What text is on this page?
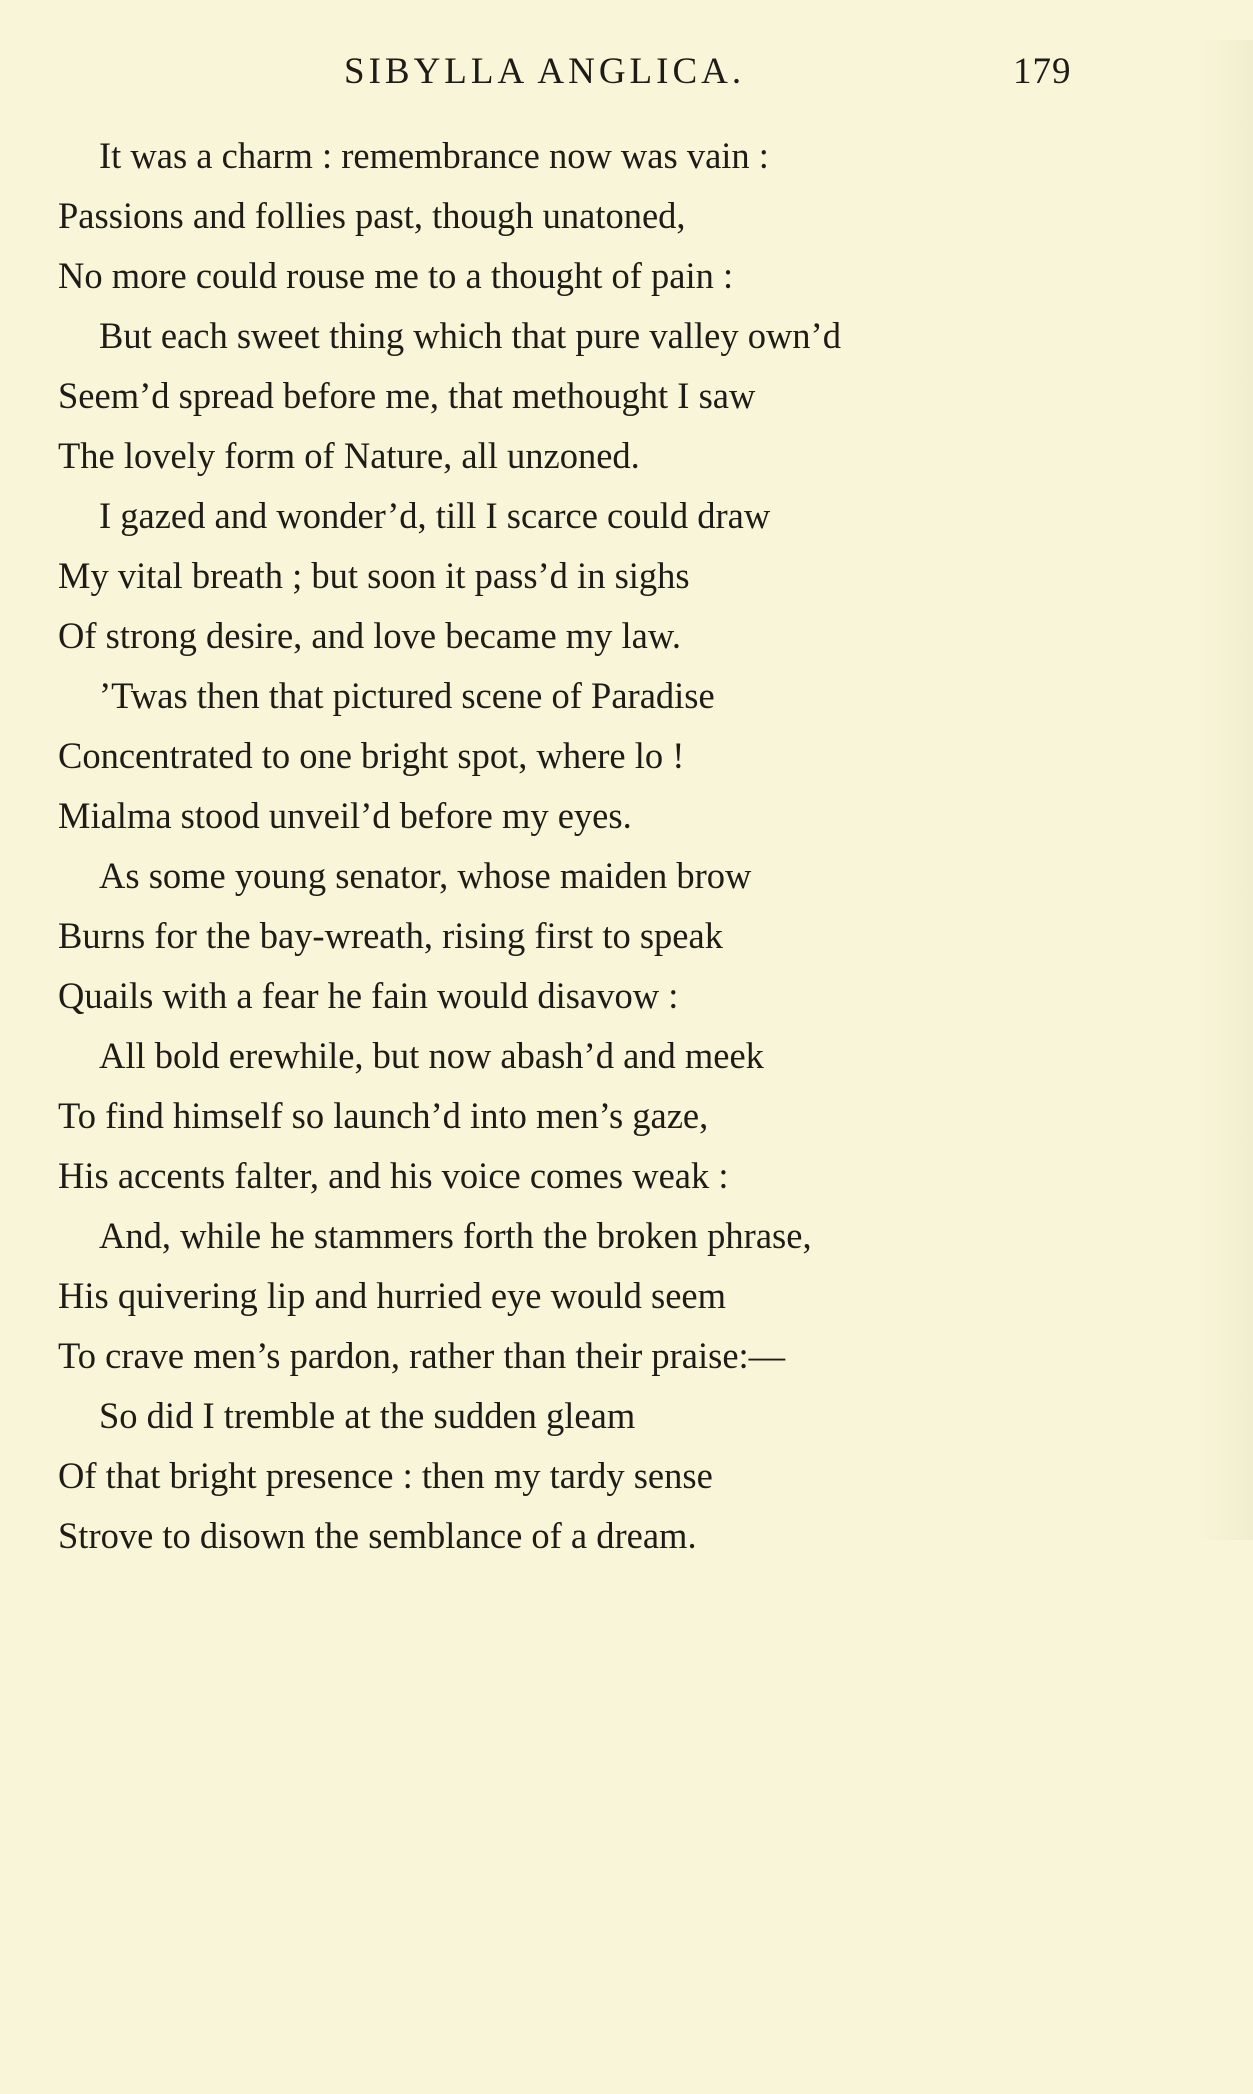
SIBYLLA ANGLICA.	179
It was a charm : remembrance now was vain :
Passions and follies past, though unatoned,
No more could rouse me to a thought of pain :
But each sweet thing which that pure valley own’d
Seem’d spread before me, that methought I saw
The lovely form of Nature, all unzoned.
I gazed and wonder’d, till I scarce could draw
My vital breath ; but soon it pass’d in sighs
Of strong desire, and love became my law.
’Twas then that pictured scene of Paradise
Concentrated to one bright spot, where lo !
Mialma stood unveil’d before my eyes.
As some young senator, whose maiden brow
Burns for the bay-wreath, rising first to speak
Quails with a fear he fain would disavow :
All bold erewhile, but now abash’d and meek
To find himself so launch’d into men’s gaze,
His accents falter, and his voice comes weak :
And, while he stammers forth the broken phrase,
His quivering lip and hurried eye would seem
To crave men’s pardon, rather than their praise:—
So did I tremble at the sudden gleam
Of that bright presence : then my tardy sense
Strove to disown the semblance of a dream.
